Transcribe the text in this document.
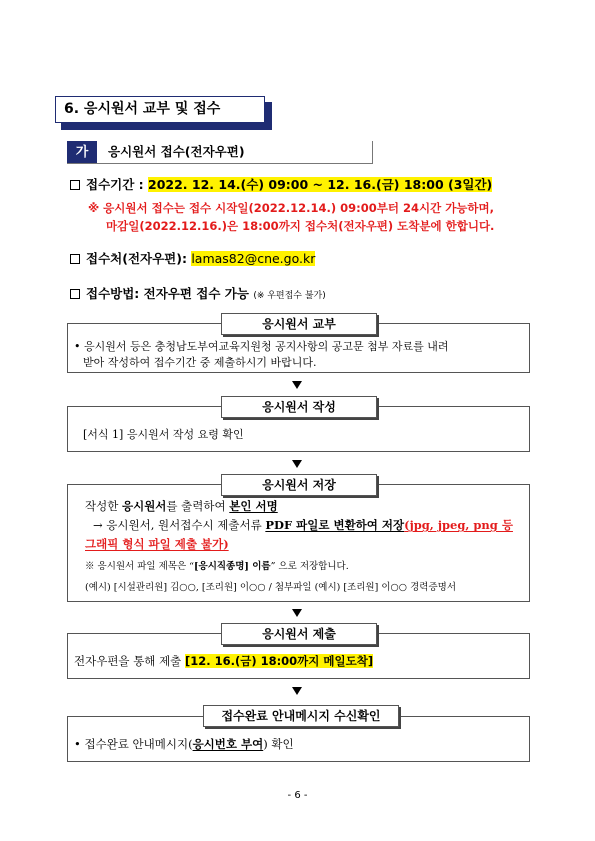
6. 응시원서 교부 및 접수
가	응시원서 접수(전자우편)
접수기간 : 2022. 12. 14.(수) 09:00 ~ 12. 16.(금) 18:00 (3일간)
※ 응시원서 접수는 접수 시작일(2022.12.14.) 09:00부터 24시간 가능하며,
마감일(2022.12.16.)은 18:00까지 접수처(전자우편) 도착분에 한합니다.
접수처(전자우편): lamas82@cne.go.kr
접수방법: 전자우편 접수 가능 (※ 우편접수 불가)
응시원서 교부
• 응시원서 등은 충청남도부여교육지원청 공지사항의 공고문 첨부 자료를 내려
받아 작성하여 접수기간 중 제출하시기 바랍니다.
응시원서 작성
[서식 1] 응시원서 작성 요령 확인
응시원서 저장
작성한 응시원서를 출력하여 본인 서명
→ 응시원서, 원서접수시 제출서류 PDF 파일로 변환하여 저장(jpg, jpeg, png 등
그래픽 형식 파일 제출 불가)
※ 응시원서 파일 제목은 “[응시직종명] 이름” 으로 저장합니다.
(예시) [시설관리원] 김○○, [조리원] 이○○ / 첨부파일 (예시) [조리원] 이○○ 경력증명서
응시원서 제출
전자우편을 통해 제출 [12. 16.(금) 18:00까지 메일도착]
접수완료 안내메시지 수신확인
• 접수완료 안내메시지(응시번호 부여) 확인
- 6 -
